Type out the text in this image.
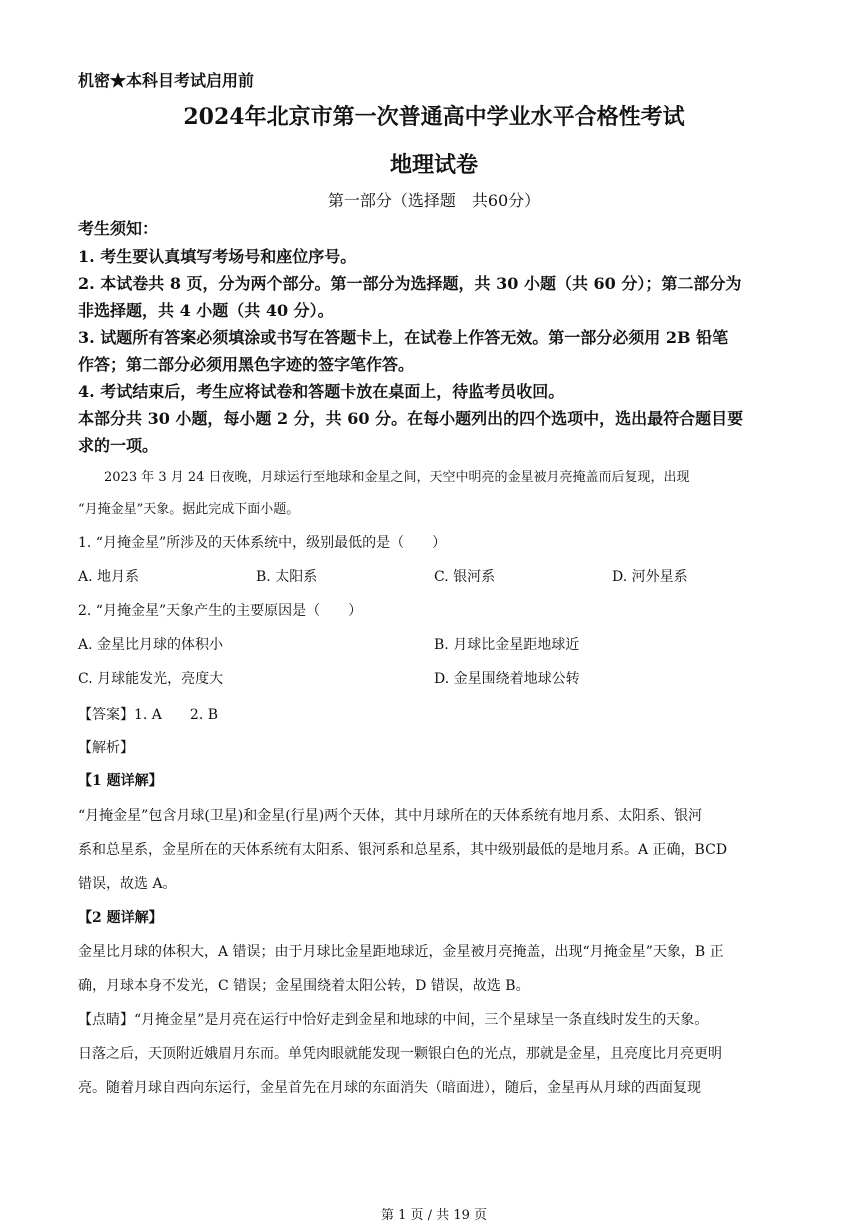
机密★本科目考试启用前
2024年北京市第一次普通高中学业水平合格性考试
地理试卷
第一部分（选择题　共60分）
考生须知：
1. 考生要认真填写考场号和座位序号。
2. 本试卷共 8 页，分为两个部分。第一部分为选择题，共 30 小题（共 60 分）；第二部分为
非选择题，共 4 小题（共 40 分）。
3. 试题所有答案必须填涂或书写在答题卡上，在试卷上作答无效。第一部分必须用 2B 铅笔
作答；第二部分必须用黑色字迹的签字笔作答。
4. 考试结束后，考生应将试卷和答题卡放在桌面上，待监考员收回。
本部分共 30 小题，每小题 2 分，共 60 分。在每小题列出的四个选项中，选出最符合题目要
求的一项。
2023 年 3 月 24 日夜晚，月球运行至地球和金星之间，天空中明亮的金星被月亮掩盖而后复现，出现
“月掩金星”天象。据此完成下面小题。
1. “月掩金星”所涉及的天体系统中，级别最低的是（　　）
A. 地月系	B. 太阳系	C. 银河系	D. 河外星系
2. “月掩金星”天象产生的主要原因是（　　）
A. 金星比月球的体积小	B. 月球比金星距地球近
C. 月球能发光，亮度大	D. 金星围绕着地球公转
【答案】1. A　　2. B
【解析】
【1 题详解】
“月掩金星”包含月球(卫星)和金星(行星)两个天体，其中月球所在的天体系统有地月系、太阳系、银河
系和总星系，金星所在的天体系统有太阳系、银河系和总星系，其中级别最低的是地月系。A 正确，BCD
错误，故选 A。
【2 题详解】
金星比月球的体积大，A 错误；由于月球比金星距地球近，金星被月亮掩盖，出现“月掩金星”天象，B 正
确，月球本身不发光，C 错误；金星围绕着太阳公转，D 错误，故选 B。
【点睛】“月掩金星”是月亮在运行中恰好走到金星和地球的中间，三个星球呈一条直线时发生的天象。
日落之后，天顶附近娥眉月东而。单凭肉眼就能发现一颗银白色的光点，那就是金星，且亮度比月亮更明
亮。随着月球自西向东运行，金星首先在月球的东面消失（暗面进），随后，金星再从月球的西面复现
第 1 页 / 共 19 页
